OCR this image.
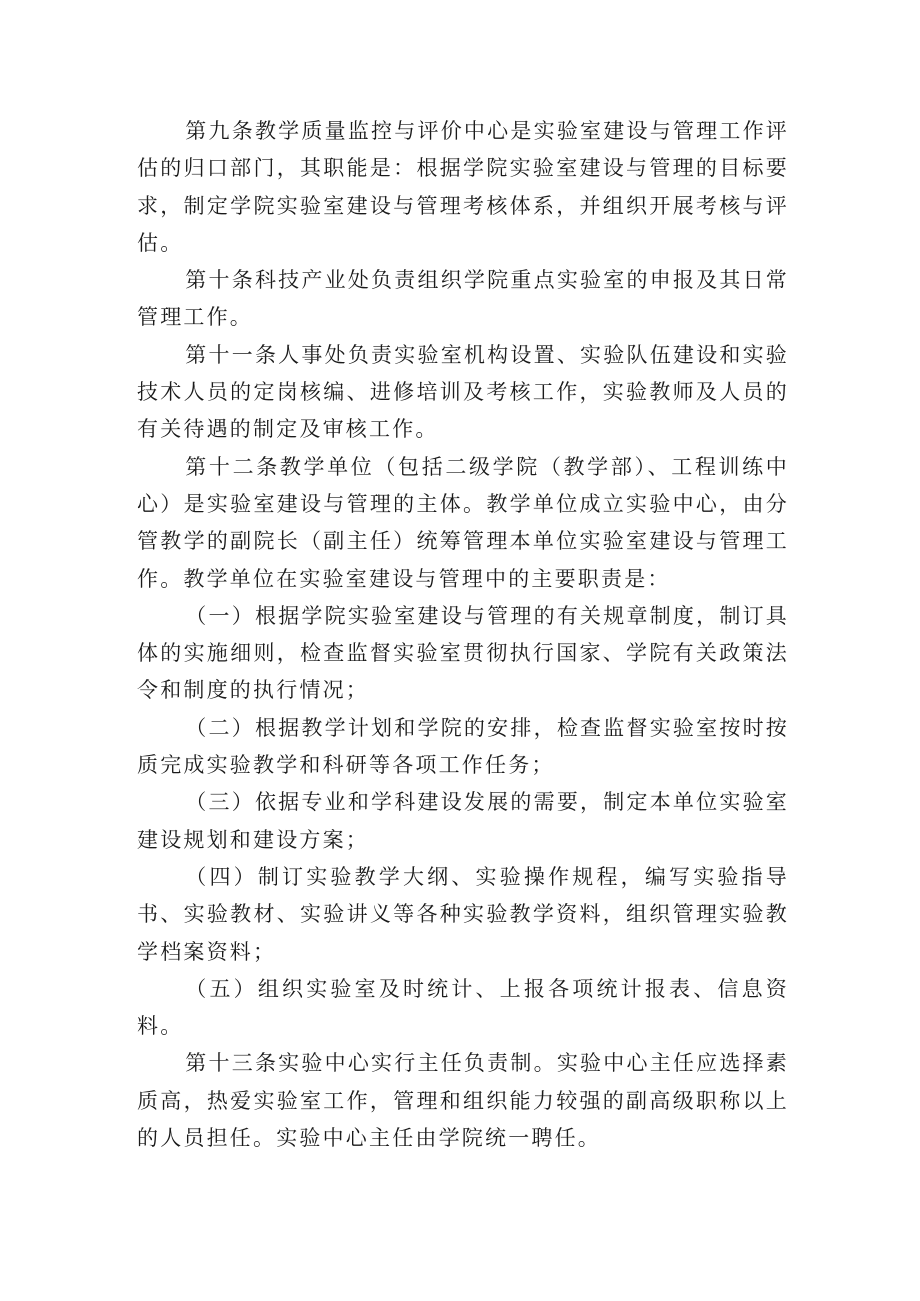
第九条教学质量监控与评价中心是实验室建设与管理工作评估的归口部门，其职能是：根据学院实验室建设与管理的目标要求，制定学院实验室建设与管理考核体系，并组织开展考核与评估。

第十条科技产业处负责组织学院重点实验室的申报及其日常管理工作。

第十一条人事处负责实验室机构设置、实验队伍建设和实验技术人员的定岗核编、进修培训及考核工作，实验教师及人员的有关待遇的制定及审核工作。

第十二条教学单位（包括二级学院（教学部）、工程训练中心）是实验室建设与管理的主体。教学单位成立实验中心，由分管教学的副院长（副主任）统筹管理本单位实验室建设与管理工作。教学单位在实验室建设与管理中的主要职责是：

（一）根据学院实验室建设与管理的有关规章制度，制订具体的实施细则，检查监督实验室贯彻执行国家、学院有关政策法令和制度的执行情况；

（二）根据教学计划和学院的安排，检查监督实验室按时按质完成实验教学和科研等各项工作任务；

（三）依据专业和学科建设发展的需要，制定本单位实验室建设规划和建设方案；

（四）制订实验教学大纲、实验操作规程，编写实验指导书、实验教材、实验讲义等各种实验教学资料，组织管理实验教学档案资料；

（五）组织实验室及时统计、上报各项统计报表、信息资料。

第十三条实验中心实行主任负责制。实验中心主任应选择素质高，热爱实验室工作，管理和组织能力较强的副高级职称以上的人员担任。实验中心主任由学院统一聘任。
